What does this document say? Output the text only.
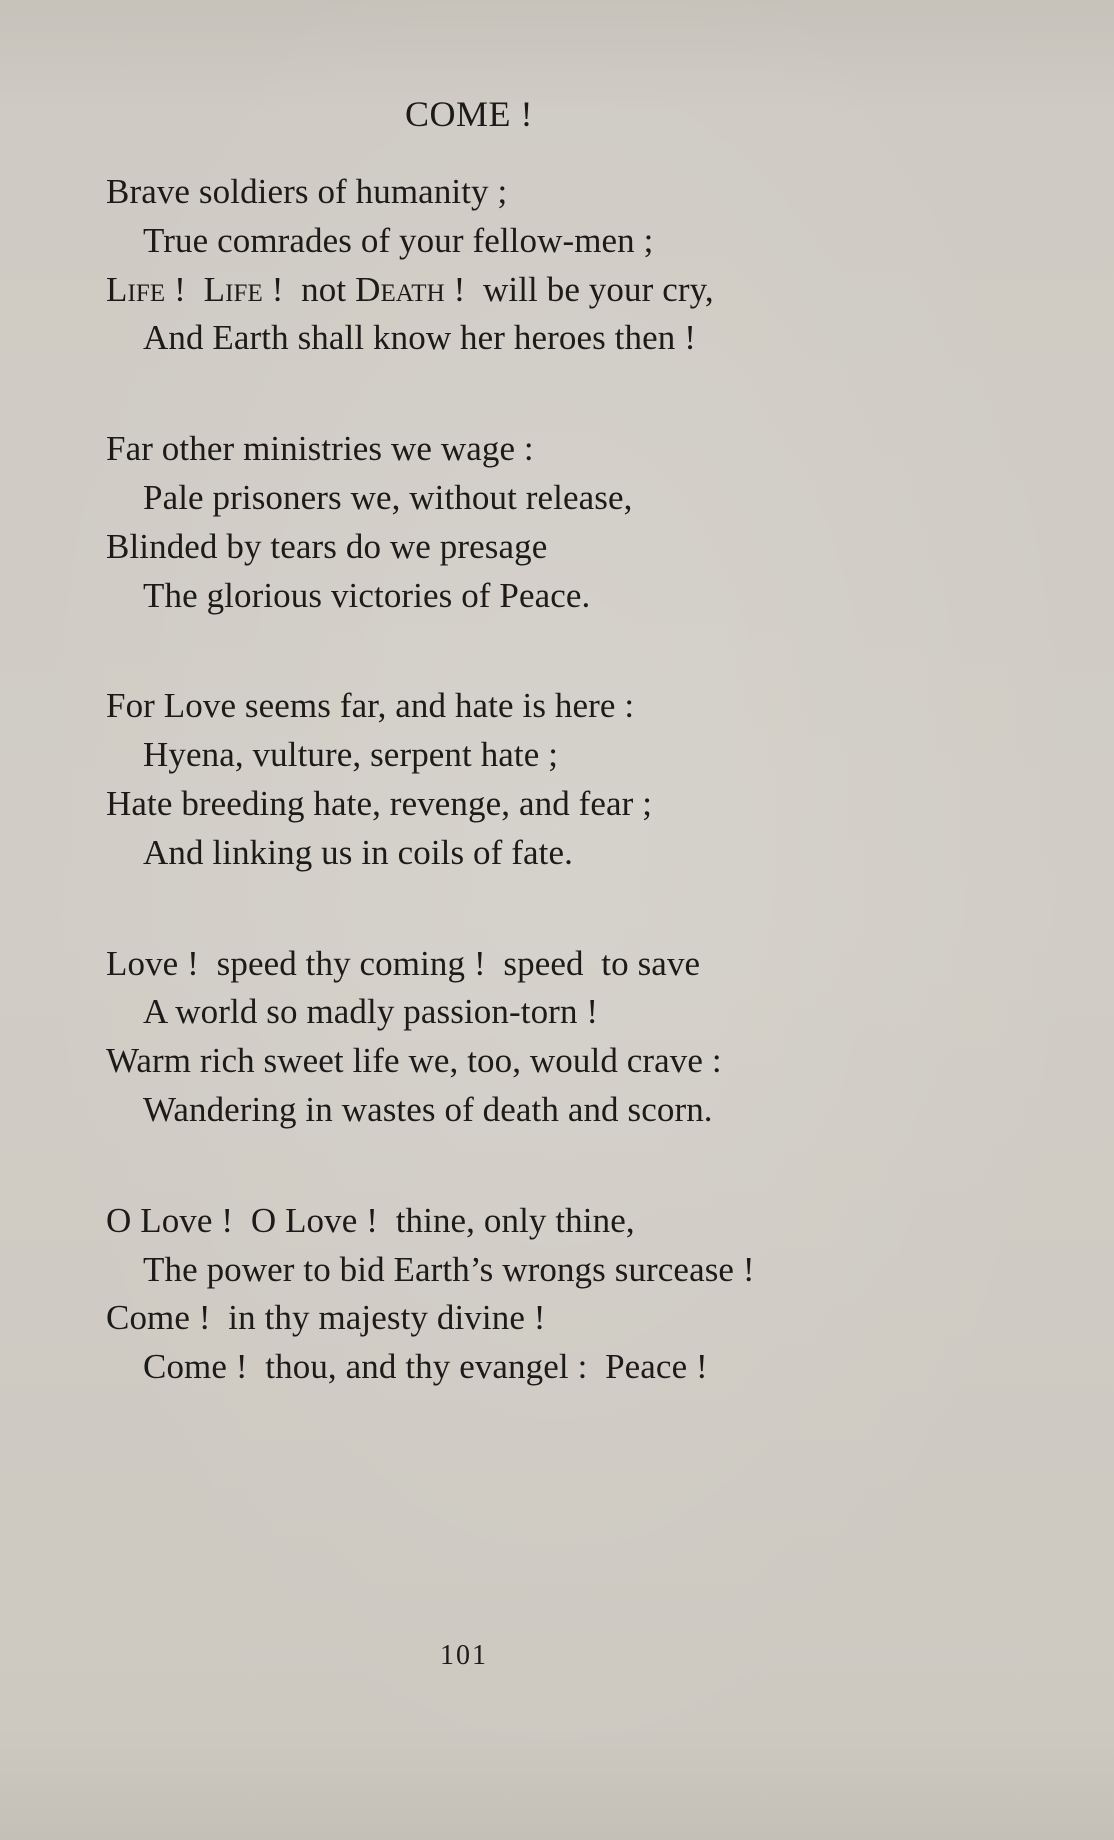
COME !
Brave soldiers of humanity ;
True comrades of your fellow-men ;
Life !  Life !  not Death !  will be your cry,
And Earth shall know her heroes then !
Far other ministries we wage :
Pale prisoners we, without release,
Blinded by tears do we presage
The glorious victories of Peace.
For Love seems far, and hate is here :
Hyena, vulture, serpent hate ;
Hate breeding hate, revenge, and fear ;
And linking us in coils of fate.
Love !  speed thy coming !  speed  to save
A world so madly passion-torn !
Warm rich sweet life we, too, would crave :
Wandering in wastes of death and scorn.
O Love !  O Love !  thine, only thine,
The power to bid Earth’s wrongs surcease !
Come !  in thy majesty divine !
Come !  thou, and thy evangel :  Peace !
101
